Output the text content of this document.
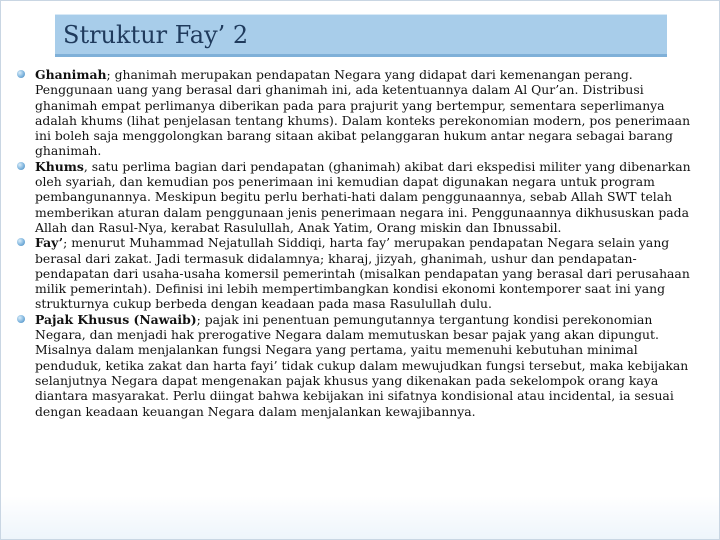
Struktur Fay’ 2
Ghanimah; ghanimah merupakan pendapatan Negara yang didapat dari kemenangan perang. Penggunaan uang yang berasal dari ghanimah ini, ada ketentuannya dalam Al Qur’an. Distribusi ghanimah empat perlimanya diberikan pada para prajurit yang bertempur, sementara seperlimanya adalah khums (lihat penjelasan tentang khums). Dalam konteks perekonomian modern, pos penerimaan ini boleh saja menggolongkan barang sitaan akibat pelanggaran hukum antar negara sebagai barang ghanimah.
Khums, satu perlima bagian dari pendapatan (ghanimah) akibat dari ekspedisi militer yang dibenarkan oleh syariah, dan kemudian pos penerimaan ini kemudian dapat digunakan negara untuk program pembangunannya. Meskipun begitu perlu berhati-hati dalam penggunaannya, sebab Allah SWT telah memberikan aturan dalam penggunaan jenis penerimaan negara ini. Penggunaannya dikhususkan pada Allah dan Rasul-Nya, kerabat Rasulullah, Anak Yatim, Orang miskin dan Ibnussabil.
Fay’; menurut Muhammad Nejatullah Siddiqi, harta fay’ merupakan pendapatan Negara selain yang berasal dari zakat. Jadi termasuk didalamnya; kharaj, jizyah, ghanimah, ushur dan pendapatan-pendapatan dari usaha-usaha komersil pemerintah (misalkan pendapatan yang berasal dari perusahaan milik pemerintah). Definisi ini lebih mempertimbangkan kondisi ekonomi kontemporer saat ini yang strukturnya cukup berbeda dengan keadaan pada masa Rasulullah dulu.
Pajak Khusus (Nawaib); pajak ini penentuan pemungutannya tergantung kondisi perekonomian Negara, dan menjadi hak prerogative Negara dalam memutuskan besar pajak yang akan dipungut. Misalnya dalam menjalankan fungsi Negara yang pertama, yaitu memenuhi kebutuhan minimal penduduk, ketika zakat dan harta fayi’ tidak cukup dalam mewujudkan fungsi tersebut, maka kebijakan selanjutnya Negara dapat mengenakan pajak khusus yang dikenakan pada sekelompok orang kaya diantara masyarakat. Perlu diingat bahwa kebijakan ini sifatnya kondisional atau incidental, ia sesuai dengan keadaan keuangan Negara dalam menjalankan kewajibannya.
